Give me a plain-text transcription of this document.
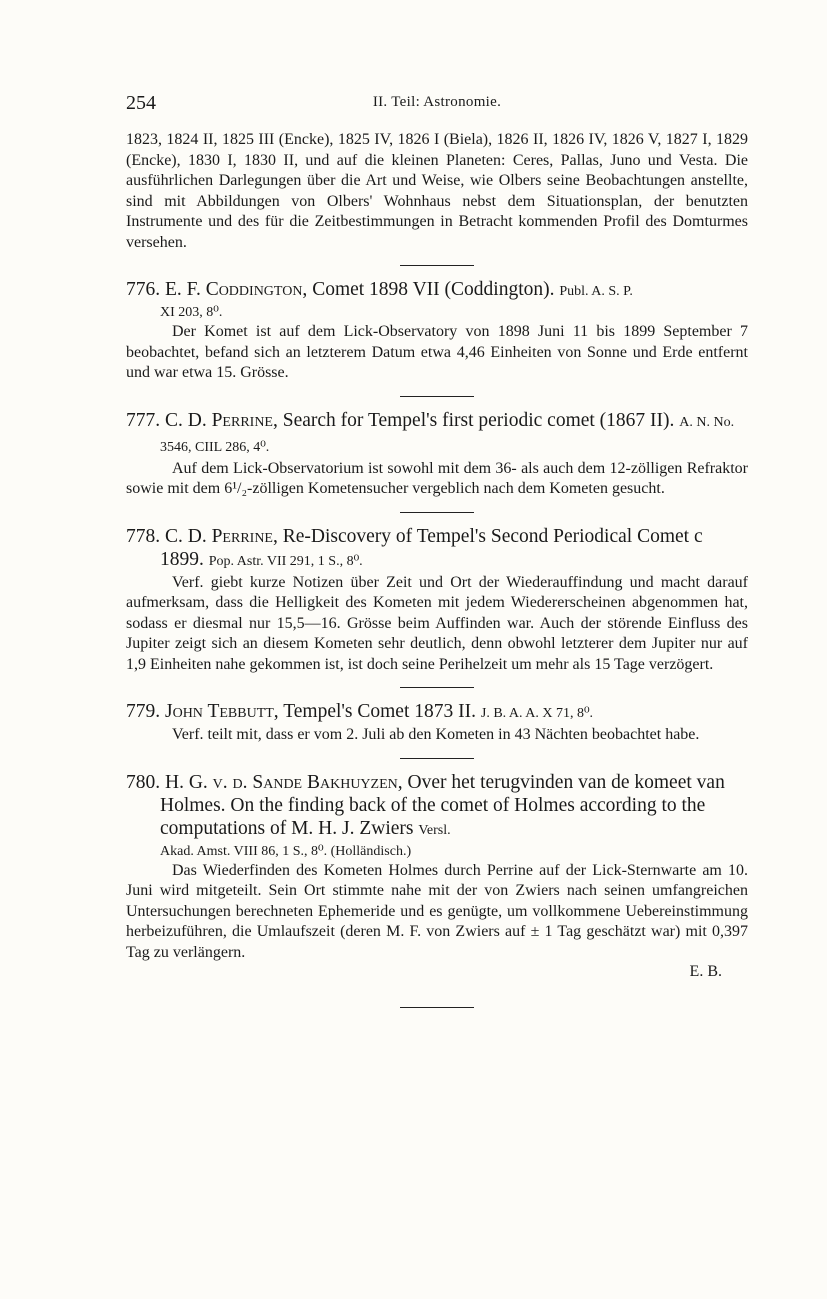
254	II. Teil: Astronomie.

1823, 1824 II, 1825 III (Encke), 1825 IV, 1826 I (Biela), 1826 II, 1826 IV, 1826 V, 1827 I, 1829 (Encke), 1830 I, 1830 II, und auf die kleinen Planeten: Ceres, Pallas, Juno und Vesta. Die ausführlichen Darlegungen über die Art und Weise, wie Olbers seine Beobachtungen anstellte, sind mit Abbildungen von Olbers' Wohnhaus nebst dem Situationsplan, der benutzten Instrumente und des für die Zeitbestimmungen in Betracht kommenden Profil des Domturmes versehen.

776. E. F. Coddington, Comet 1898 VII (Coddington). Publ. A. S. P.

XI 203, 8⁰.

Der Komet ist auf dem Lick-Observatory von 1898 Juni 11 bis 1899 September 7 beobachtet, befand sich an letzterem Datum etwa 4,46 Einheiten von Sonne und Erde entfernt und war etwa 15. Grösse.

777. C. D. Perrine, Search for Tempel's first periodic comet (1867 II). A. N. No. 3546, CIIL 286, 4⁰.

Auf dem Lick-Observatorium ist sowohl mit dem 36- als auch dem 12-zölligen Refraktor sowie mit dem 6¹/₂-zölligen Kometensucher vergeblich nach dem Kometen gesucht.

778. C. D. Perrine, Re-Discovery of Tempel's Second Periodical Comet c 1899. Pop. Astr. VII 291, 1 S., 8⁰.

Verf. giebt kurze Notizen über Zeit und Ort der Wiederauffindung und macht darauf aufmerksam, dass die Helligkeit des Kometen mit jedem Wiedererscheinen abgenommen hat, sodass er diesmal nur 15,5—16. Grösse beim Auffinden war. Auch der störende Einfluss des Jupiter zeigt sich an diesem Kometen sehr deutlich, denn obwohl letzterer dem Jupiter nur auf 1,9 Einheiten nahe gekommen ist, ist doch seine Perihelzeit um mehr als 15 Tage verzögert.

779. John Tebbutt, Tempel's Comet 1873 II. J. B. A. A. X 71, 8⁰.

Verf. teilt mit, dass er vom 2. Juli ab den Kometen in 43 Nächten beobachtet habe.

780. H. G. v. d. Sande Bakhuyzen, Over het terugvinden van de komeet van Holmes. On the finding back of the comet of Holmes according to the computations of M. H. J. Zwiers Versl.

Akad. Amst. VIII 86, 1 S., 8⁰. (Holländisch.)

Das Wiederfinden des Kometen Holmes durch Perrine auf der Lick-Sternwarte am 10. Juni wird mitgeteilt. Sein Ort stimmte nahe mit der von Zwiers nach seinen umfangreichen Untersuchungen berechneten Ephemeride und es genügte, um vollkommene Uebereinstimmung herbeizuführen, die Umlaufszeit (deren M. F. von Zwiers auf ± 1 Tag geschätzt war) mit 0,397 Tag zu verlängern.

E. B.
